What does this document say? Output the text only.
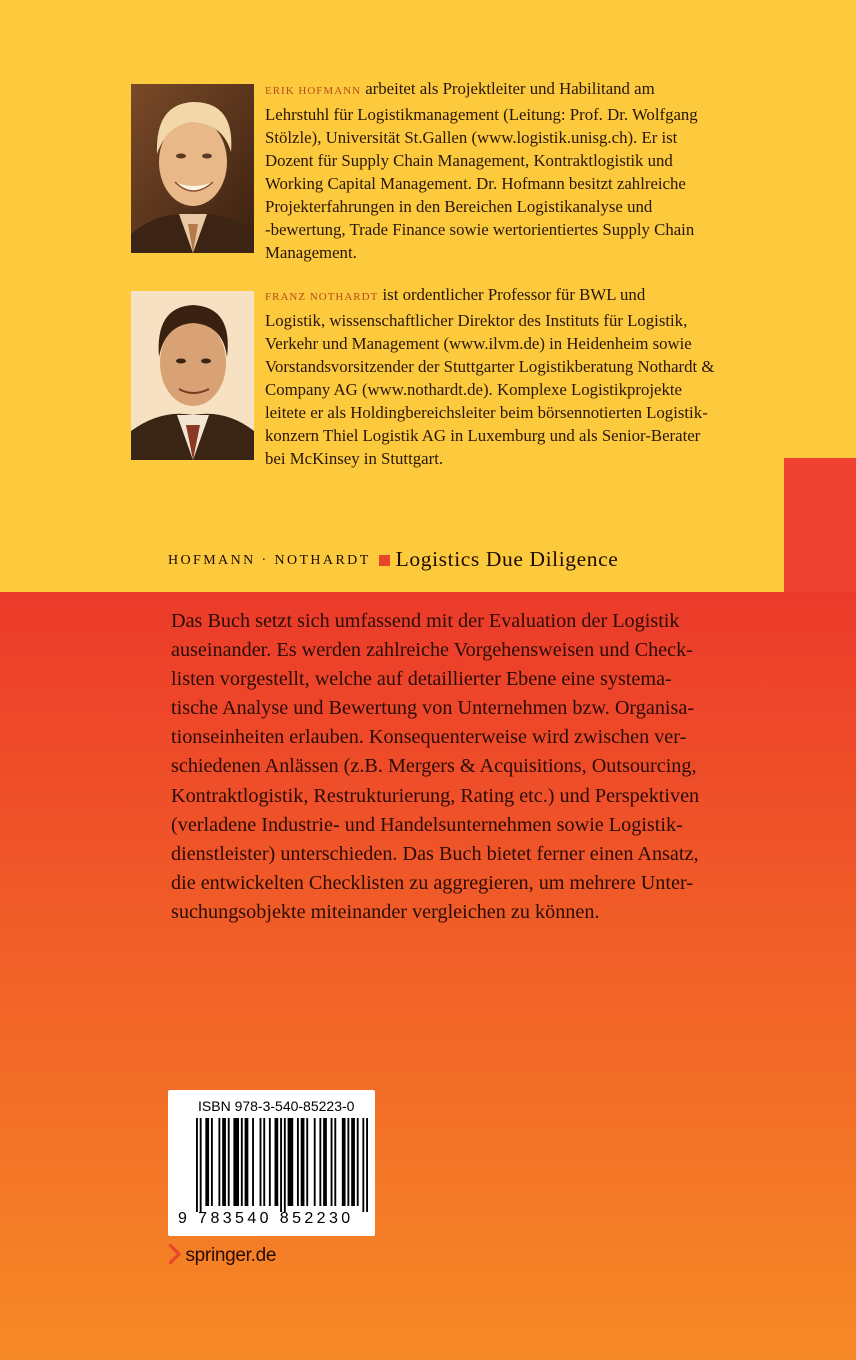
ERIK HOFMANN arbeitet als Projektleiter und Habilitand am
Lehrstuhl für Logistikmanagement (Leitung: Prof. Dr. Wolfgang
Stölzle), Universität St.Gallen (www.logistik.unisg.ch). Er ist
Dozent für Supply Chain Management, Kontraktlogistik und
Working Capital Management. Dr. Hofmann besitzt zahlreiche
Projekterfahrungen in den Bereichen Logistikanalyse und
-bewertung, Trade Finance sowie wertorientiertes Supply Chain
Management.
FRANZ NOTHARDT ist ordentlicher Professor für BWL und
Logistik, wissenschaftlicher Direktor des Instituts für Logistik,
Verkehr und Management (www.ilvm.de) in Heidenheim sowie
Vorstandsvorsitzender der Stuttgarter Logistikberatung Nothardt &
Company AG (www.nothardt.de). Komplexe Logistikprojekte
leitete er als Holdingbereichsleiter beim börsennotierten Logistik-
konzern Thiel Logistik AG in Luxemburg und als Senior-Berater
bei McKinsey in Stuttgart.
HOFMANN · NOTHARDT Logistics Due Diligence
Das Buch setzt sich umfassend mit der Evaluation der Logistik
auseinander. Es werden zahlreiche Vorgehensweisen und Check-
listen vorgestellt, welche auf detaillierter Ebene eine systema-
tische Analyse und Bewertung von Unternehmen bzw. Organisa-
tionseinheiten erlauben. Konsequenterweise wird zwischen ver-
schiedenen Anlässen (z.B. Mergers & Acquisitions, Outsourcing,
Kontraktlogistik, Restrukturierung, Rating etc.) und Perspektiven
(verladene Industrie- und Handelsunternehmen sowie Logistik-
dienstleister) unterschieden. Das Buch bietet ferner einen Ansatz,
die entwickelten Checklisten zu aggregieren, um mehrere Unter-
suchungsobjekte miteinander vergleichen zu können.
ISBN 978-3-540-85223-0
9 783540 852230
springer.de
